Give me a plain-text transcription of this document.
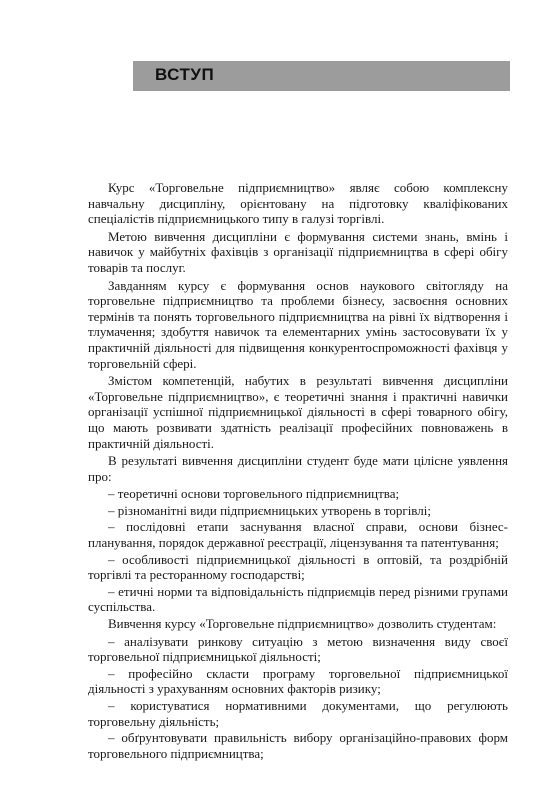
ВСТУП

Курс «Торговельне підприємництво» являє собою комплексну навчальну дисципліну, орієнтовану на підготовку кваліфікованих спеціалістів підприємницького типу в галузі торгівлі.

Метою вивчення дисципліни є формування системи знань, вмінь і навичок у майбутніх фахівців з організації підприємництва в сфері обігу товарів та послуг.

Завданням курсу є формування основ наукового світогляду на торговельне підприємництво та проблеми бізнесу, засвоєння основних термінів та понять торговельного підприємництва на рівні їх відтворення і тлумачення; здобуття навичок та елементарних умінь застосовувати їх у практичній діяльності для підвищення конкурентоспроможності фахівця у торговельній сфері.

Змістом компетенцій, набутих в результаті вивчення дисципліни «Торговельне підприємництво», є теоретичні знання і практичні навички організації успішної підприємницької діяльності в сфері товарного обігу, що мають розвивати здатність реалізації професійних повноважень в практичній діяльності.

В результаті вивчення дисципліни студент буде мати цілісне уявлення про:

– теоретичні основи торговельного підприємництва;

– різноманітні види підприємницьких утворень в торгівлі;

– послідовні етапи заснування власної справи, основи бізнес-планування, порядок державної реєстрації, ліцензування та патентування;

– особливості підприємницької діяльності в оптовій, та роздрібній торгівлі та ресторанному господарстві;

– етичні норми та відповідальність підприємців перед різними групами суспільства.

Вивчення курсу «Торговельне підприємництво» дозволить студентам:

– аналізувати ринкову ситуацію з метою визначення виду своєї торговельної підприємницької діяльності;

– професійно скласти програму торговельної підприємницької діяльності з урахуванням основних факторів ризику;

– користуватися нормативними документами, що регулюють торговельну діяльність;

– обґрунтовувати правильність вибору організаційно-правових форм торговельного підприємництва;
